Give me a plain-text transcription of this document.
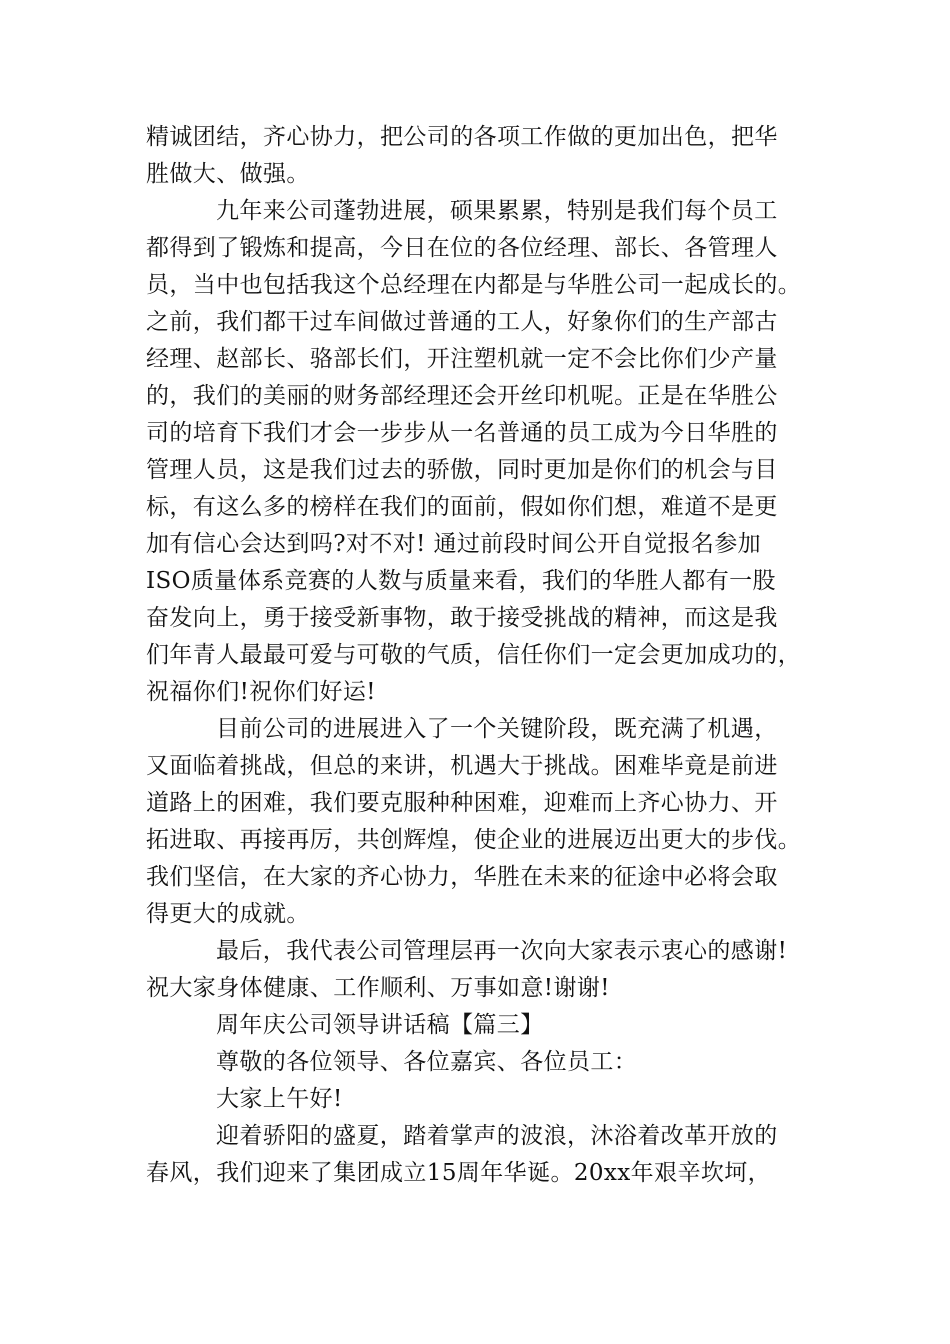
精诚团结，齐心协力，把公司的各项工作做的更加出色，把华
胜做大、做强。
九年来公司蓬勃进展，硕果累累，特别是我们每个员工
都得到了锻炼和提高，今日在位的各位经理、部长、各管理人
员，当中也包括我这个总经理在内都是与华胜公司一起成长的。
之前，我们都干过车间做过普通的工人，好象你们的生产部古
经理、赵部长、骆部长们，开注塑机就一定不会比你们少产量
的，我们的美丽的财务部经理还会开丝印机呢。正是在华胜公
司的培育下我们才会一步步从一名普通的员工成为今日华胜的
管理人员，这是我们过去的骄傲，同时更加是你们的机会与目
标，有这么多的榜样在我们的面前，假如你们想，难道不是更
加有信心会达到吗?对不对! 通过前段时间公开自觉报名参加
ISO质量体系竞赛的人数与质量来看，我们的华胜人都有一股
奋发向上，勇于接受新事物，敢于接受挑战的精神，而这是我
们年青人最最可爱与可敬的气质，信任你们一定会更加成功的，
祝福你们!祝你们好运!
目前公司的进展进入了一个关键阶段，既充满了机遇，
又面临着挑战，但总的来讲，机遇大于挑战。困难毕竟是前进
道路上的困难，我们要克服种种困难，迎难而上齐心协力、开
拓进取、再接再厉，共创辉煌，使企业的进展迈出更大的步伐。
我们坚信，在大家的齐心协力，华胜在未来的征途中必将会取
得更大的成就。
最后，我代表公司管理层再一次向大家表示衷心的感谢!
祝大家身体健康、工作顺利、万事如意!谢谢!
周年庆公司领导讲话稿【篇三】
尊敬的各位领导、各位嘉宾、各位员工：
大家上午好!
迎着骄阳的盛夏，踏着掌声的波浪，沐浴着改革开放的
春风，我们迎来了集团成立15周年华诞。20xx年艰辛坎坷，
